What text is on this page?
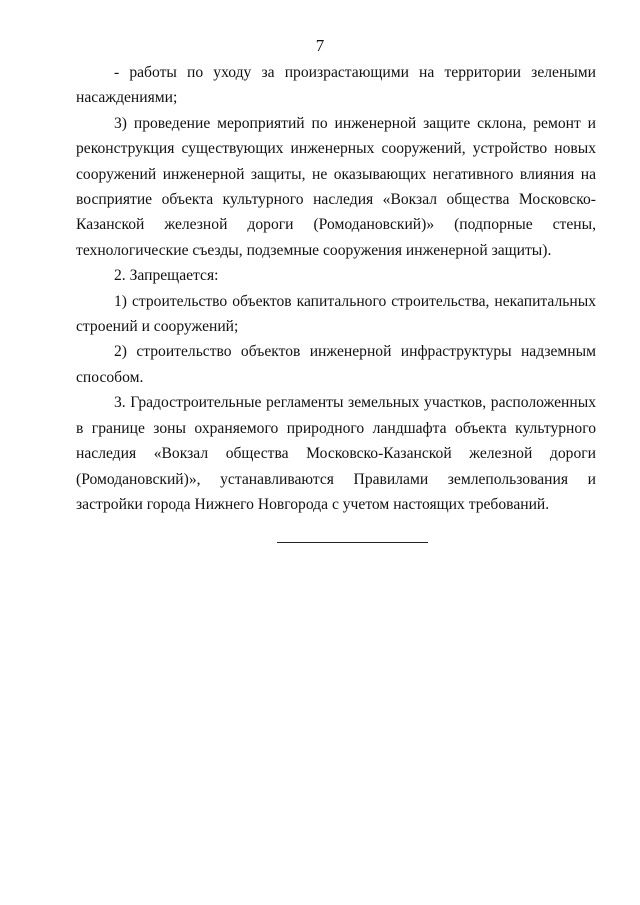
7

- работы по уходу за произрастающими на территории зелеными насаждениями;

3) проведение мероприятий по инженерной защите склона, ремонт и реконструкция существующих инженерных сооружений, устройство новых сооружений инженерной защиты, не оказывающих негативного влияния на восприятие объекта культурного наследия «Вокзал общества Московско-Казанской железной дороги (Ромодановский)» (подпорные стены, технологические съезды, подземные сооружения инженерной защиты).

2. Запрещается:

1) строительство объектов капитального строительства, некапитальных строений и сооружений;

2) строительство объектов инженерной инфраструктуры надземным способом.

3. Градостроительные регламенты земельных участков, расположенных в границе зоны охраняемого природного ландшафта объекта культурного наследия «Вокзал общества Московско-Казанской железной дороги (Ромодановский)», устанавливаются Правилами землепользования и застройки города Нижнего Новгорода с учетом настоящих требований.
